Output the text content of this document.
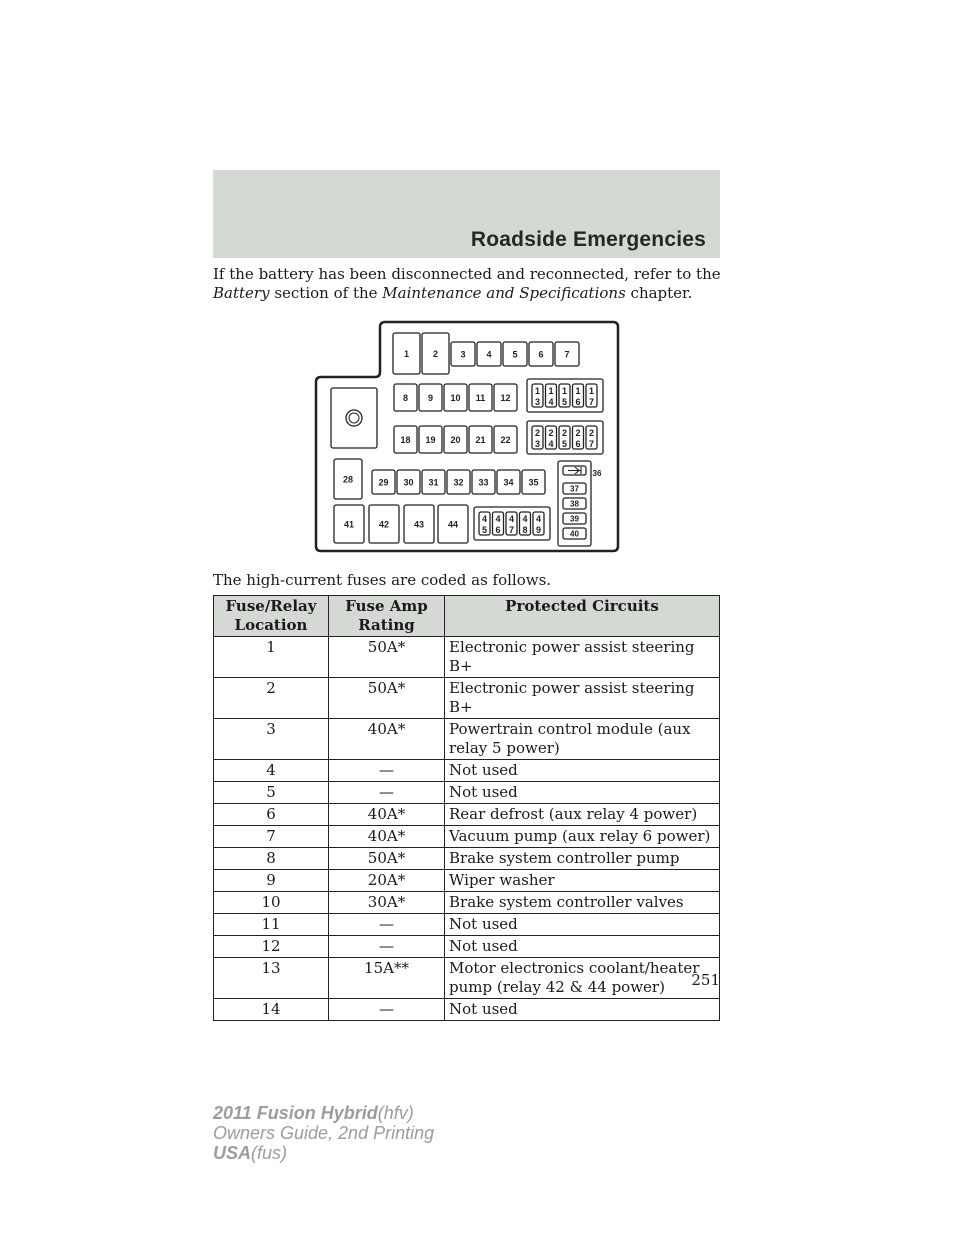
Roadside Emergencies
If the battery has been disconnected and reconnected, refer to the
Battery section of the Maintenance and Specifications chapter.
1	2 3 4 5 6 7
8 9 10 11 12
18 19 20 21 22
28	29 30 31 32 33 34 35
41	42	43	44
1
3
1
4
1
5
1
6
1
7
2
3
2
4
2
5
2
6
2
7
4
5
4
6
4
7
4
8
4
9
36
37
38
39
40
The high-current fuses are coded as follows.
Fuse/Relay Location	Fuse Amp Rating	Protected Circuits
1	50A*	Electronic power assist steering B+
2	50A*	Electronic power assist steering B+
3	40A*	Powertrain control module (aux relay 5 power)
4	—	Not used
5	—	Not used
6	40A*	Rear defrost (aux relay 4 power)
7	40A*	Vacuum pump (aux relay 6 power)
8	50A*	Brake system controller pump
9	20A*	Wiper washer
10	30A*	Brake system controller valves
11	—	Not used
12	—	Not used
13	15A**	Motor electronics coolant/heater pump (relay 42 & 44 power)
14	—	Not used
251
2011 Fusion Hybrid(hfv)
Owners Guide, 2nd Printing
USA(fus)
